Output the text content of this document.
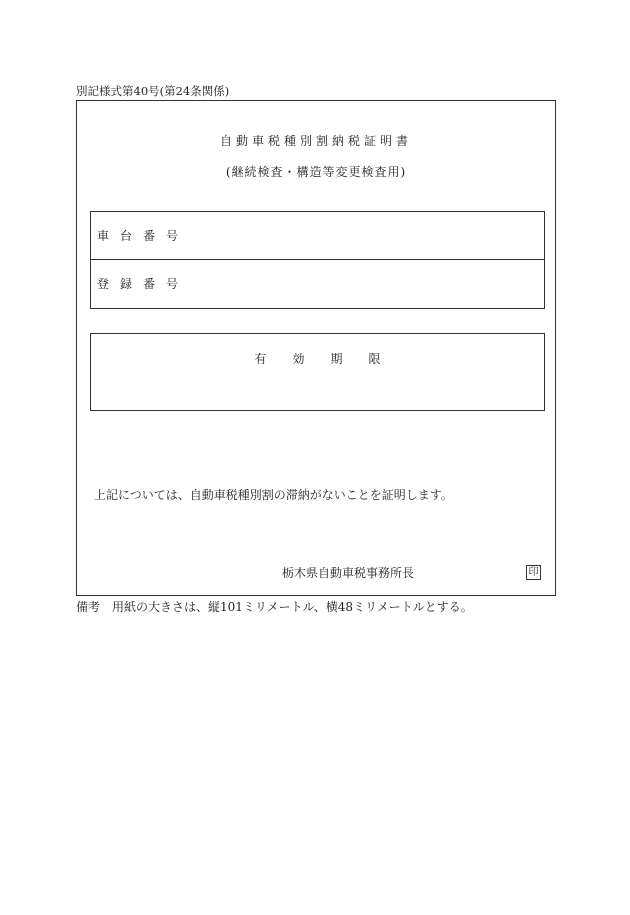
別記様式第40号(第24条関係)
自動車税種別割納税証明書
(継続検査・構造等変更検査用)
車台番号
登録番号
有効期限
上記については、自動車税種別割の滞納がないことを証明します。
栃木県自動車税事務所長	印
備考 用紙の大きさは、縦101ミリメートル、横48ミリメートルとする。
